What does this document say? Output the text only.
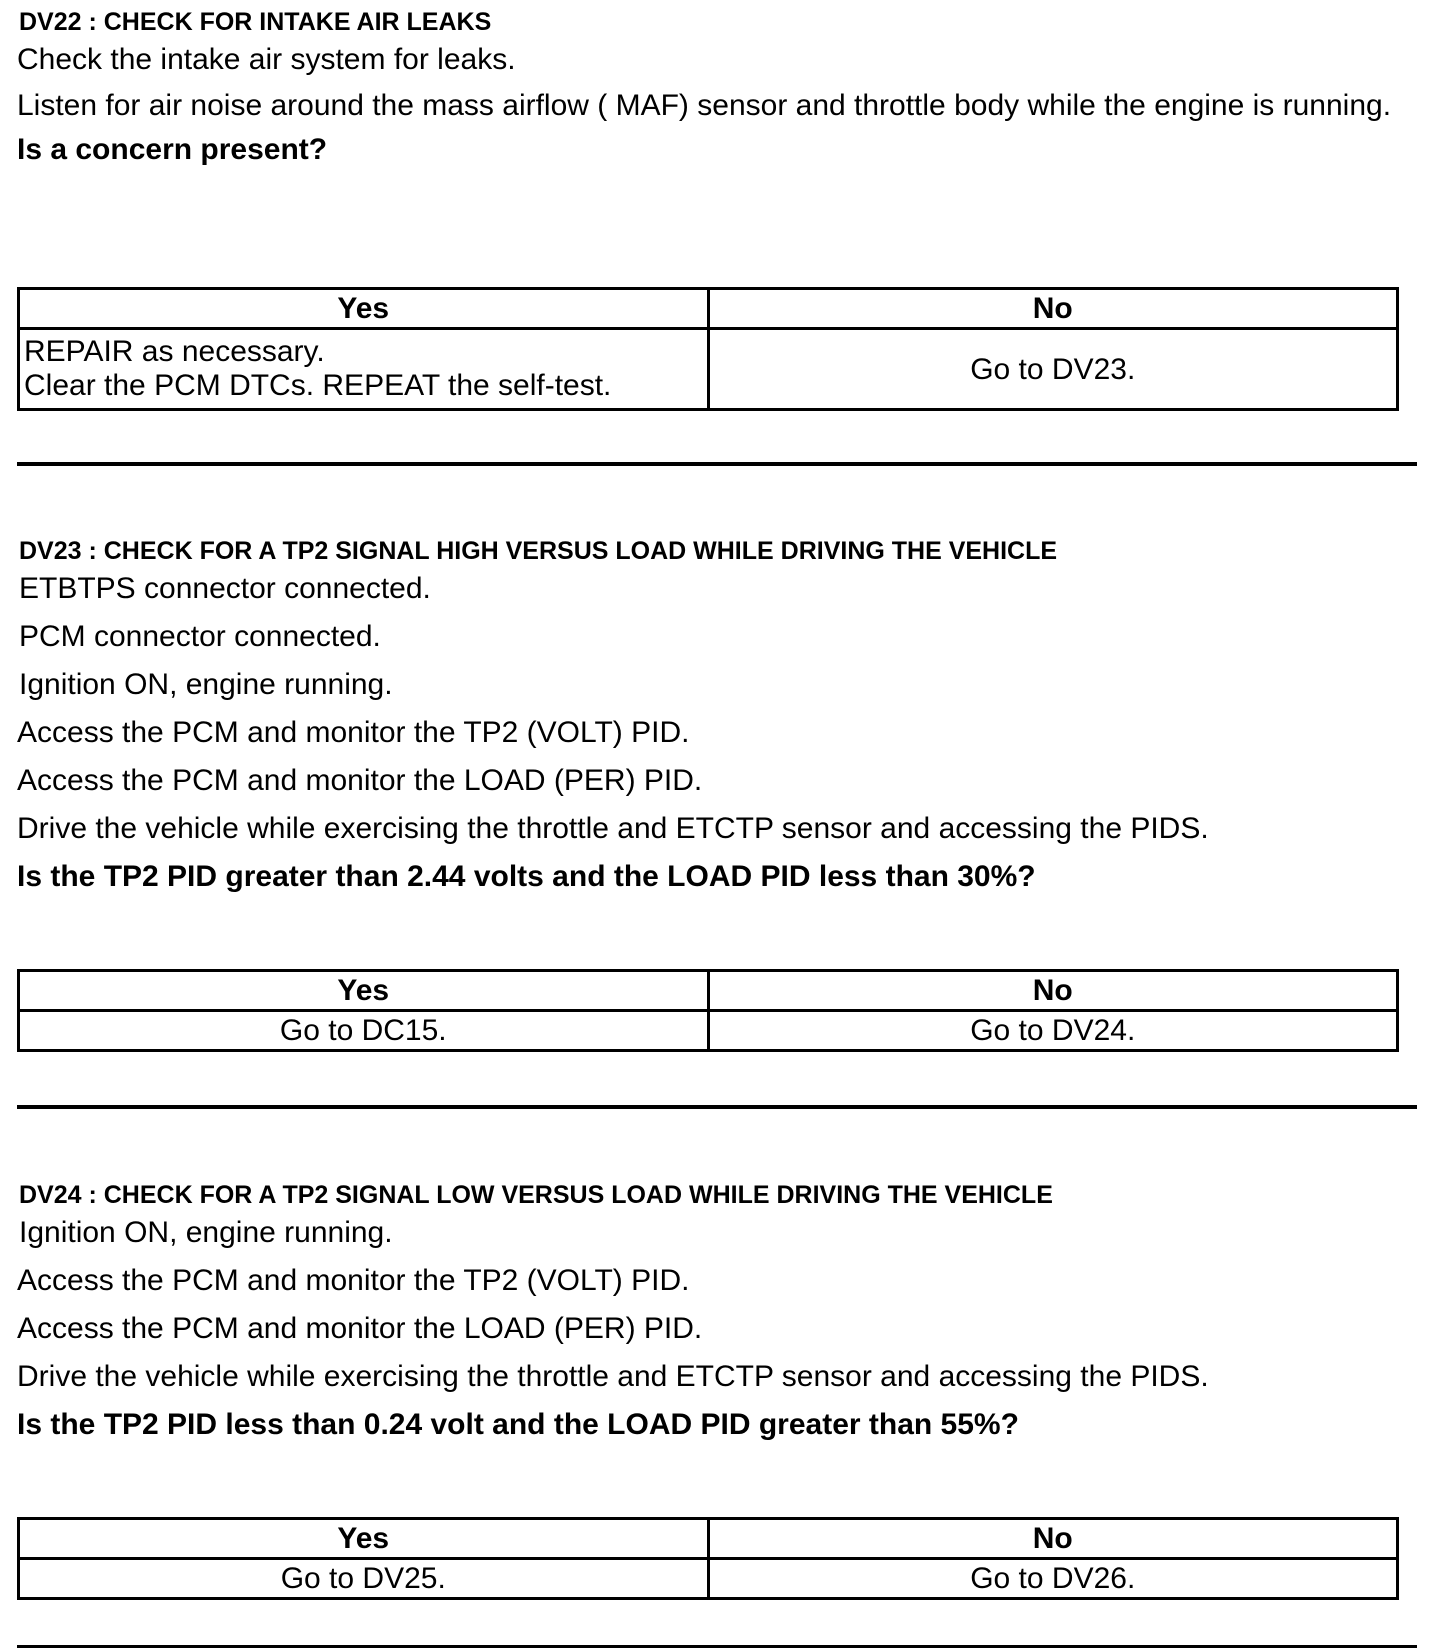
DV22 : CHECK FOR INTAKE AIR LEAKS
Check the intake air system for leaks.
Listen for air noise around the mass airflow ( MAF) sensor and throttle body while the engine is running.
Is a concern present?
Yes	No

REPAIR as necessary.
Clear the PCM DTCs. REPEAT the self-test.	Go to DV23.
DV23 : CHECK FOR A TP2 SIGNAL HIGH VERSUS LOAD WHILE DRIVING THE VEHICLE
ETBTPS connector connected.
PCM connector connected.
Ignition ON, engine running.
Access the PCM and monitor the TP2 (VOLT) PID.
Access the PCM and monitor the LOAD (PER) PID.
Drive the vehicle while exercising the throttle and ETCTP sensor and accessing the PIDS.
Is the TP2 PID greater than 2.44 volts and the LOAD PID less than 30%?
Yes	No
Go to DC15.	Go to DV24.
DV24 : CHECK FOR A TP2 SIGNAL LOW VERSUS LOAD WHILE DRIVING THE VEHICLE
Ignition ON, engine running.
Access the PCM and monitor the TP2 (VOLT) PID.
Access the PCM and monitor the LOAD (PER) PID.
Drive the vehicle while exercising the throttle and ETCTP sensor and accessing the PIDS.
Is the TP2 PID less than 0.24 volt and the LOAD PID greater than 55%?
Yes	No
Go to DV25.	Go to DV26.
